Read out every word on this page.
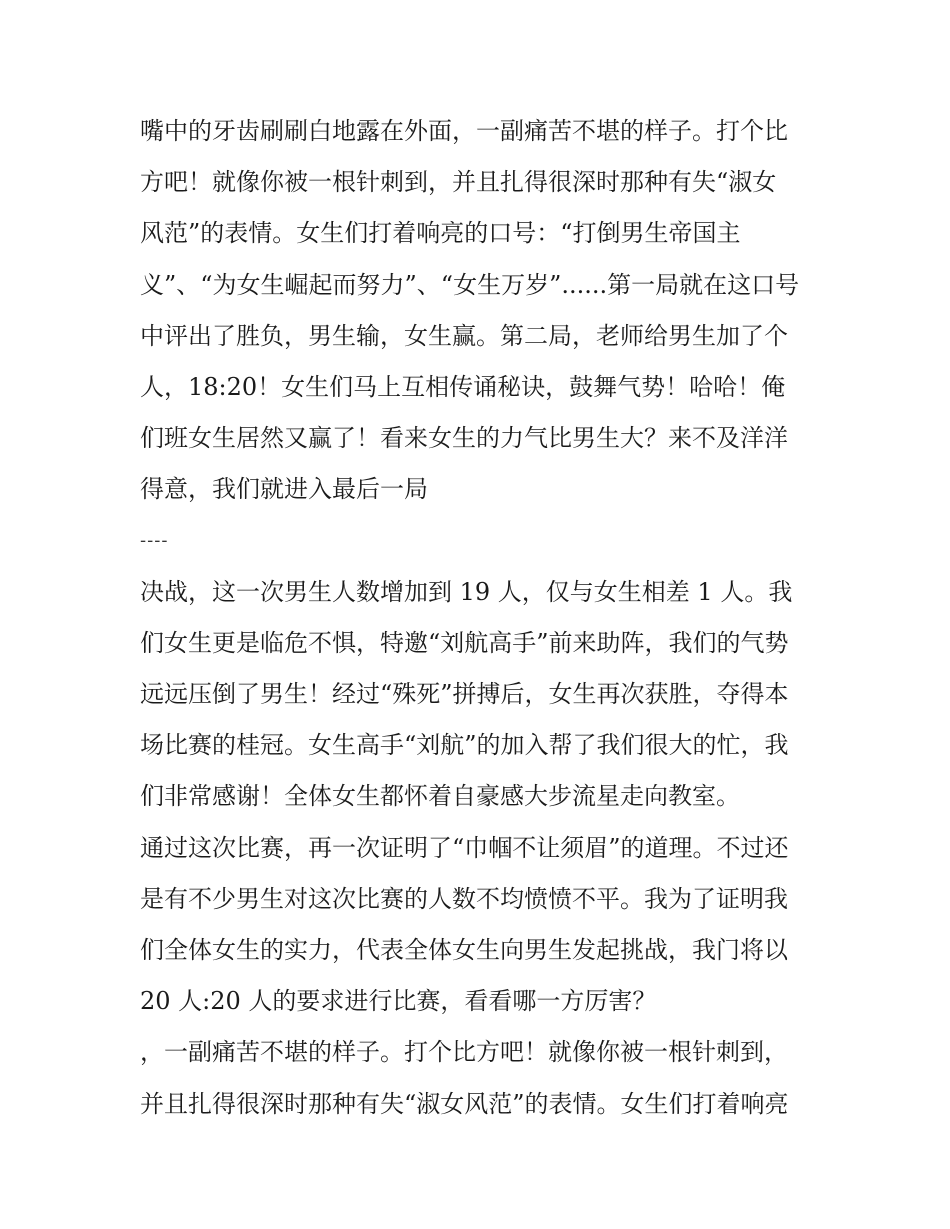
嘴中的牙齿刷刷白地露在外面，一副痛苦不堪的样子。打个比
方吧！就像你被一根针刺到，并且扎得很深时那种有失“淑女
风范”的表情。女生们打着响亮的口号：“打倒男生帝国主
义”、“为女生崛起而努力”、“女生万岁”......第一局就在这口号
中评出了胜负，男生输，女生赢。第二局，老师给男生加了个
人，18:20！女生们马上互相传诵秘诀，鼓舞气势！哈哈！俺
们班女生居然又赢了！看来女生的力气比男生大？来不及洋洋
得意，我们就进入最后一局
----
决战，这一次男生人数增加到 19 人，仅与女生相差 1 人。我
们女生更是临危不惧，特邀“刘航高手”前来助阵，我们的气势
远远压倒了男生！经过“殊死”拼搏后，女生再次获胜，夺得本
场比赛的桂冠。女生高手“刘航”的加入帮了我们很大的忙，我
们非常感谢！全体女生都怀着自豪感大步流星走向教室。
通过这次比赛，再一次证明了“巾帼不让须眉”的道理。不过还
是有不少男生对这次比赛的人数不均愤愤不平。我为了证明我
们全体女生的实力，代表全体女生向男生发起挑战，我门将以
20 人:20 人的要求进行比赛，看看哪一方厉害？
，一副痛苦不堪的样子。打个比方吧！就像你被一根针刺到，
并且扎得很深时那种有失“淑女风范”的表情。女生们打着响亮
